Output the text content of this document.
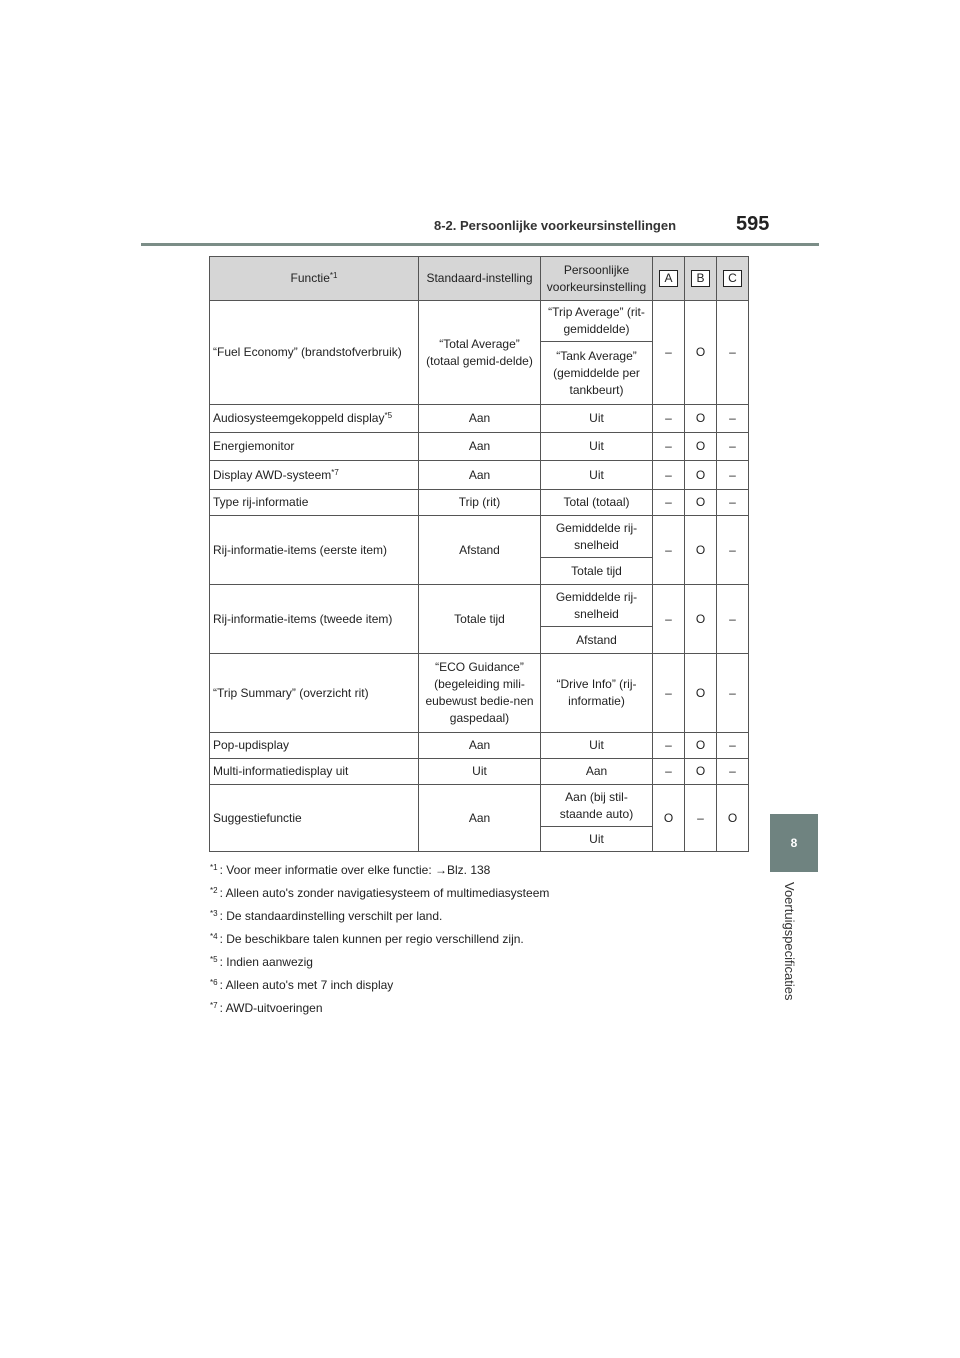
8-2. Persoonlijke voorkeursinstellingen	595
8
Voertuigspecificaties
Functie$^{*1}$	Standaard-instelling	Persoonlijke voorkeursinstelling	A	B	C
“Fuel Economy” (brandstofverbruik)	“Total Average” (totaal gemid-delde)	“Trip Average” (rit-gemiddelde)	–	O	–
		“Tank Average” (gemiddelde per tankbeurt)			
Audiosysteemgekoppeld display$^{*5}$	Aan	Uit	–	O	–
Energiemonitor	Aan	Uit	–	O	–
Display AWD-systeem$^{*7}$	Aan	Uit	–	O	–
Type rij-informatie	Trip (rit)	Total (totaal)	–	O	–
Rij-informatie-items (eerste item)	Afstand	Gemiddelde rij-snelheid	–	O	–
		Totale tijd			
Rij-informatie-items (tweede item)	Totale tijd	Gemiddelde rij-snelheid	–	O	–
		Afstand			
“Trip Summary” (overzicht rit)	“ECO Guidance” (begeleiding mili-eubewust bedie-nen gaspedaal)	“Drive Info” (rij-informatie)	–	O	–
Pop-updisplay	Aan	Uit	–	O	–
Multi-informatiedisplay uit	Uit	Aan	–	O	–
Suggestiefunctie	Aan	Aan (bij stil-staande auto)	O	–	O
		Uit			
$^{*1}$ : Voor meer informatie over elke functie: →Blz. 138
$^{*2}$ : Alleen auto's zonder navigatiesysteem of multimediasysteem
$^{*3}$ : De standaardinstelling verschilt per land.
$^{*4}$ : De beschikbare talen kunnen per regio verschillend zijn.
$^{*5}$ : Indien aanwezig
$^{*6}$ : Alleen auto's met 7 inch display
$^{*7}$ : AWD-uitvoeringen
